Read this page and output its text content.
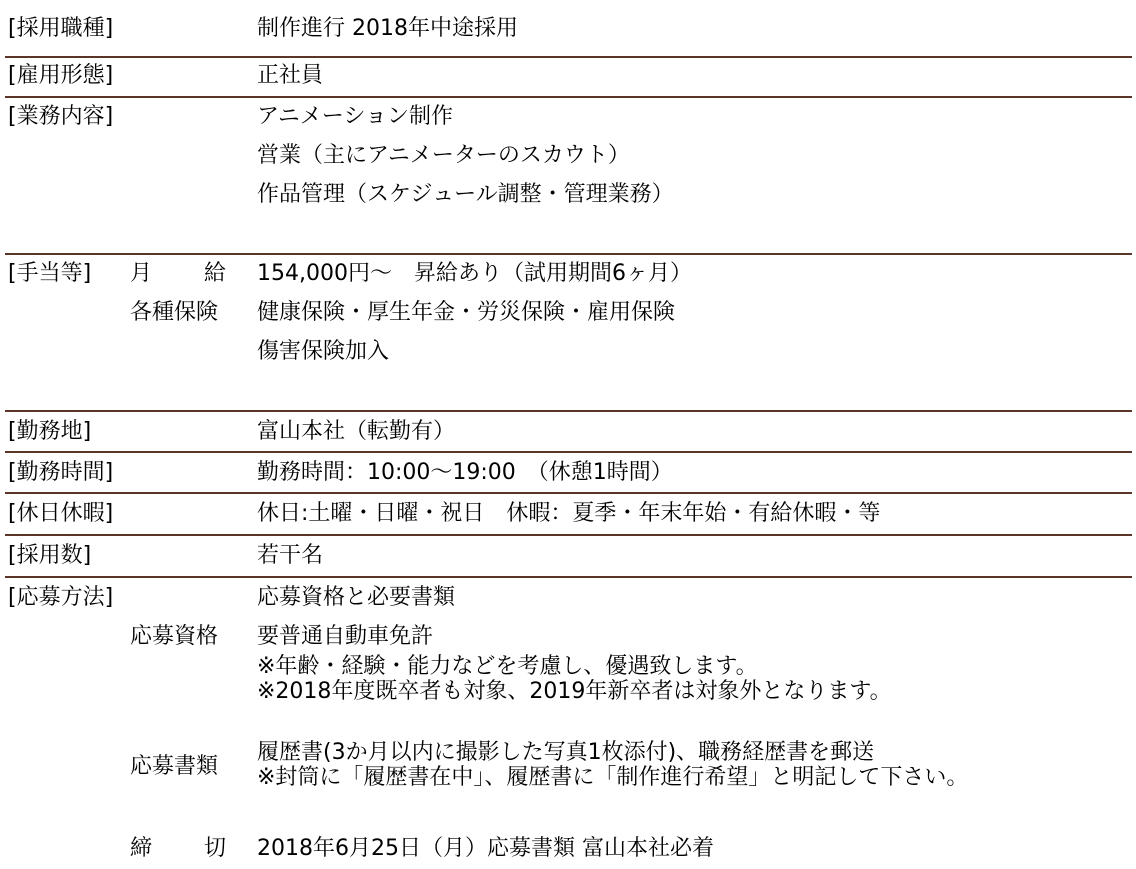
[採用職種]	制作進行 2018年中途採用
[雇用形態]	正社員
[業務内容]	アニメーション制作
営業（主にアニメーターのスカウト）
作品管理（スケジュール調整・管理業務）
[手当等] 月 給 154,000円～　昇給あり（試用期間6ヶ月）
各種保険 健康保険・厚生年金・労災保険・雇用保険
傷害保険加入
[勤務地]	富山本社（転勤有）
[勤務時間]	勤務時間：10:00～19:00　（休憩1時間）
[休日休暇]	休日:土曜・日曜・祝日　休暇：夏季・年末年始・有給休暇・等
[採用数]	若干名
[応募方法]	応募資格と必要書類
応募資格 要普通自動車免許
※年齢・経験・能力などを考慮し、優遇致します。
※2018年度既卒者も対象、2019年新卒者は対象外となります。
応募書類
履歴書(3か月以内に撮影した写真1枚添付)、職務経歴書を郵送
※封筒に「履歴書在中」、履歴書に「制作進行希望」と明記して下さい。
締 切 2018年6月25日（月）応募書類 富山本社必着
